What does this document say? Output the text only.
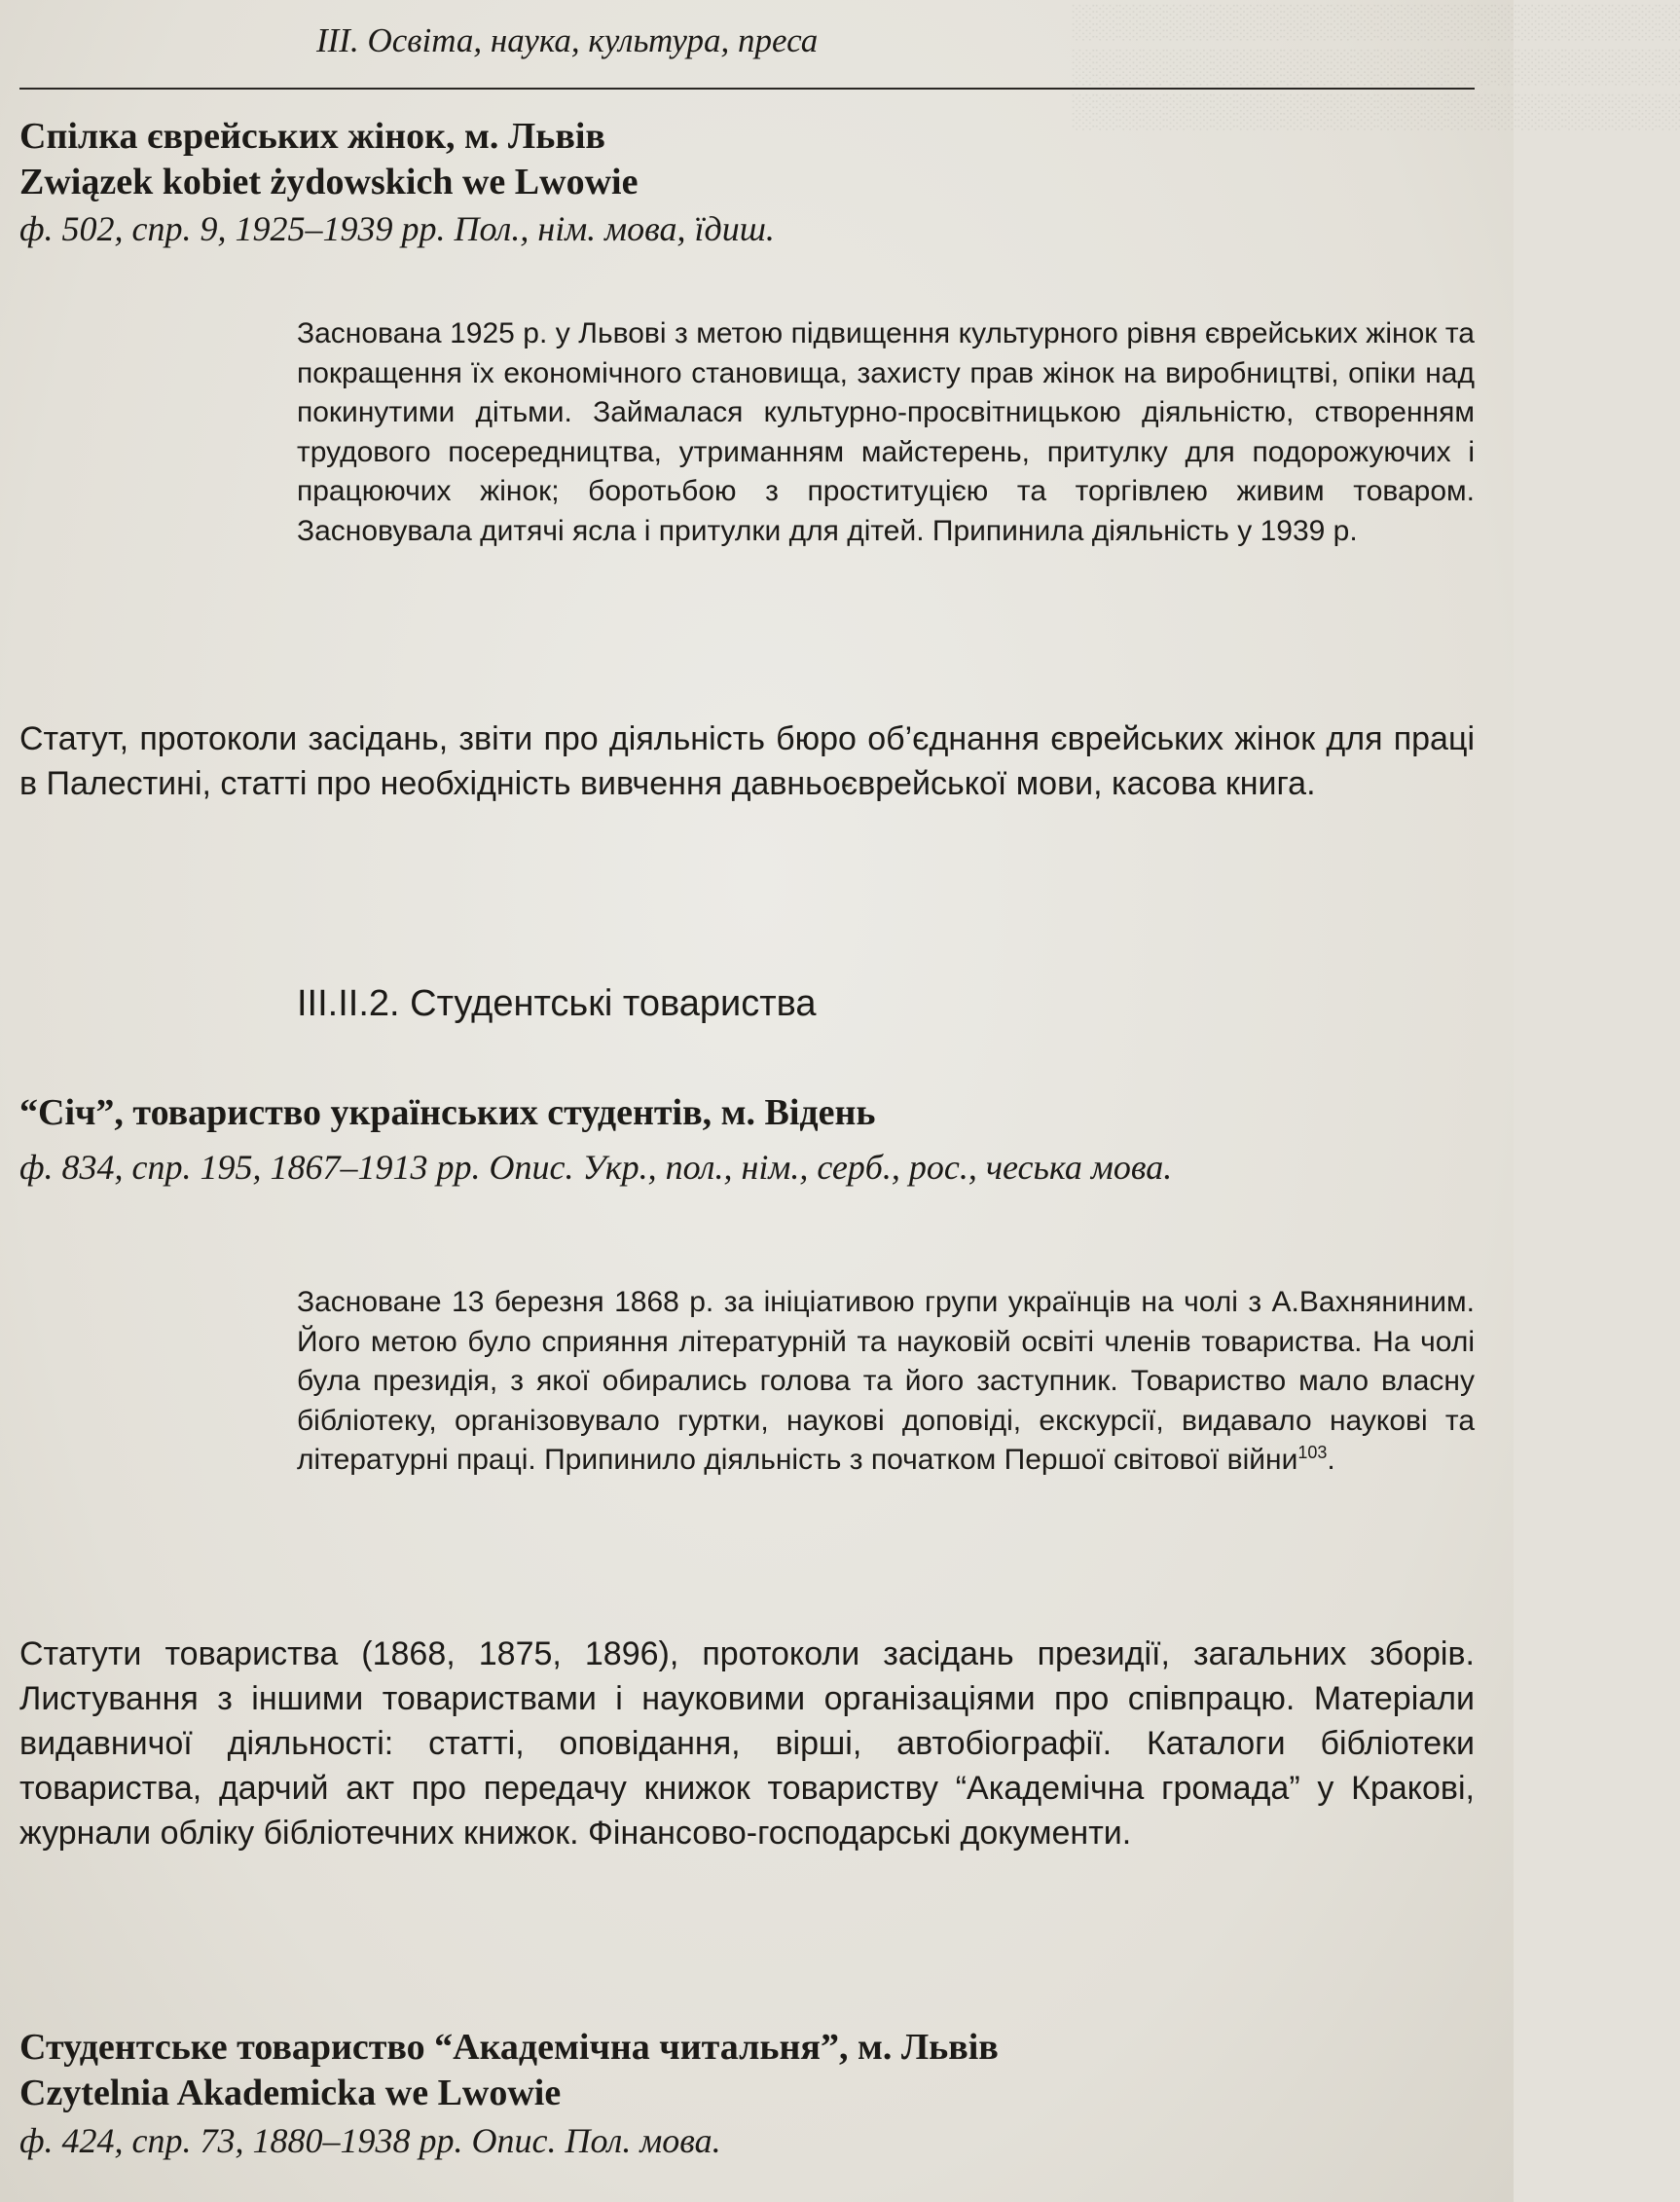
░░░░░░░░░░░░░░░░░░░░░░░░░░
░░░░░░░░░░░░░░░░░░░░░░░░░░
░░░░░░░░░░░░░░░░░░░░░░░░░░
III. Освіта, наука, культура, преса
Спілка єврейських жінок, м. Львів
Związek kobiet żydowskich we Lwowie
ф. 502, спр. 9, 1925–1939 рр. Пол., нім. мова, їдиш.
Заснована 1925 р. у Львові з метою підвищення культурного рівня єврейських жінок та покращення їх економічного становища, захисту прав жінок на виробництві, опіки над покинутими дітьми. Займалася культурно-просвітницькою діяльністю, створенням трудового посередництва, утриманням майстерень, притулку для подорожуючих і працюючих жінок; боротьбою з проституцією та торгівлею живим товаром. Засновувала дитячі ясла і притулки для дітей. Припинила діяльність у 1939 р.
Статут, протоколи засідань, звіти про діяльність бюро об’єднання єврейських жінок для праці в Палестині, статті про необхідність вивчення давньоєврейської мови, касова книга.
ІІІ.ІІ.2. Студентські товариства
“Січ”, товариство українських студентів, м. Відень
ф. 834, спр. 195, 1867–1913 рр. Опис. Укр., пол., нім., серб., рос., чеська мова.
Засноване 13 березня 1868 р. за ініціативою групи українців на чолі з А.Вахняниним. Його метою було сприяння літературній та науковій освіті членів товариства. На чолі була президія, з якої обирались голова та його заступник. Товариство мало власну бібліотеку, організовувало гуртки, наукові доповіді, екскурсії, видавало наукові та літературні праці. Припинило діяльність з початком Першої світової війни$^{103}$.
Статути товариства (1868, 1875, 1896), протоколи засідань президії, загальних зборів. Листування з іншими товариствами і науковими організаціями про співпрацю. Матеріали видавничої діяльності: статті, оповідання, вірші, автобіографії. Каталоги бібліотеки товариства, дарчий акт про передачу книжок товариству “Академічна громада” у Кракові, журнали обліку бібліотечних книжок. Фінансово-господарські документи.
Студентське товариство “Академічна читальня”, м. Львів
Czytelnia Akademicka we Lwowie
ф. 424, спр. 73, 1880–1938 рр. Опис. Пол. мова.
